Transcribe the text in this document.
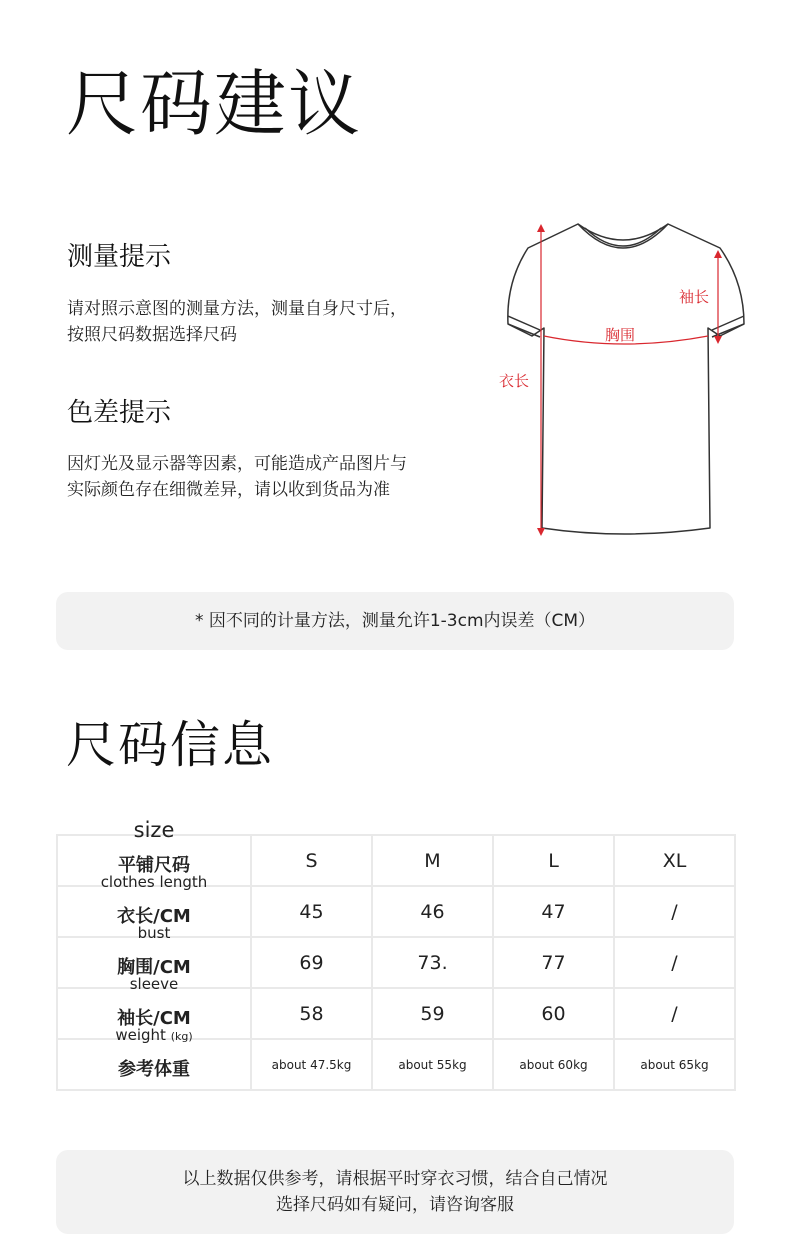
尺码建议
测量提示
请对照示意图的测量方法，测量自身尺寸后，
按照尺码数据选择尺码
色差提示
因灯光及显示器等因素，可能造成产品图片与
实际颜色存在细微差异，请以收到货品为准
袖长
胸围
衣长
* 因不同的计量方法，测量允许1-3cm内误差（CM）
尺码信息
size
平铺尺码	S	M	L	XL

clothes length
衣长/CM	45	46	47	/

bust
胸围/CM	69	73.	77	/

sleeve
袖长/CM	58	59	60	/

weight (kg)
参考体重	about 47.5kg	about 55kg	about 60kg	about 65kg
以上数据仅供参考，请根据平时穿衣习惯，结合自己情况
选择尺码如有疑问，请咨询客服
